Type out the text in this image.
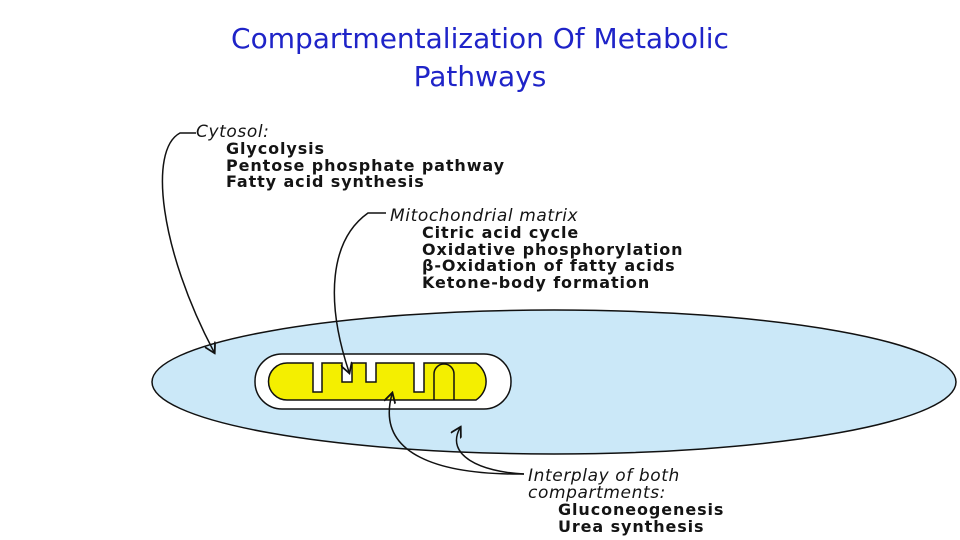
Compartmentalization Of Metabolic
Pathways
Cytosol:
Glycolysis
Pentose phosphate pathway
Fatty acid synthesis
Mitochondrial matrix
Citric acid cycle
Oxidative phosphorylation
β-Oxidation of fatty acids
Ketone-body formation
Interplay of both
compartments:
Gluconeogenesis
Urea synthesis
